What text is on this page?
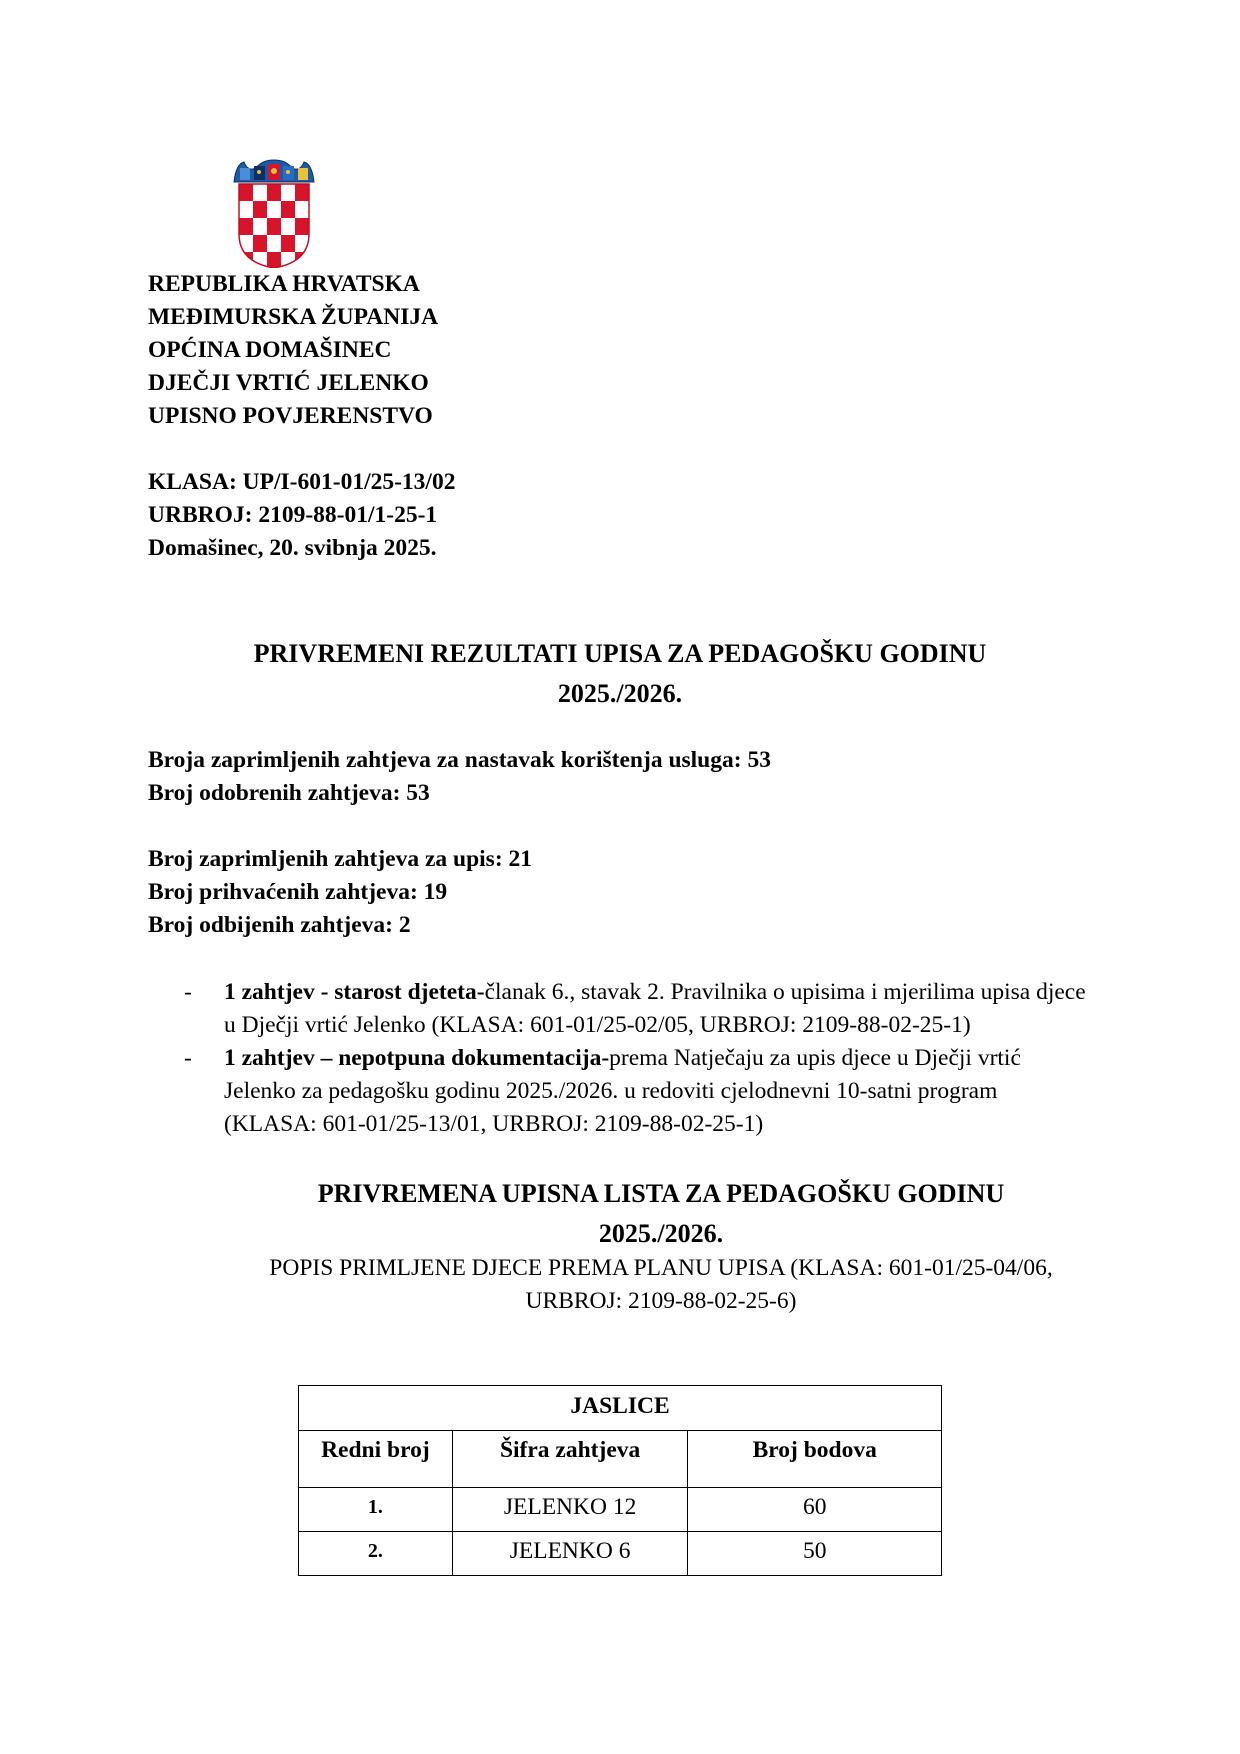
REPUBLIKA HRVATSKA
MEĐIMURSKA ŽUPANIJA
OPĆINA DOMAŠINEC
DJEČJI VRTIĆ JELENKO
UPISNO POVJERENSTVO
KLASA: UP/I-601-01/25-13/02
URBROJ: 2109-88-01/1-25-1
Domašinec, 20. svibnja 2025.
PRIVREMENI REZULTATI UPISA ZA PEDAGOŠKU GODINU
2025./2026.
Broja zaprimljenih zahtjeva za nastavak korištenja usluga: 53
Broj odobrenih zahtjeva: 53
Broj zaprimljenih zahtjeva za upis: 21
Broj prihvaćenih zahtjeva: 19
Broj odbijenih zahtjeva: 2
- 1 zahtjev - starost djeteta-članak 6., stavak 2. Pravilnika o upisima i mjerilima upisa djece u Dječji vrtić Jelenko (KLASA: 601-01/25-02/05, URBROJ: 2109-88-02-25-1)
- 1 zahtjev – nepotpuna dokumentacija-prema Natječaju za upis djece u Dječji vrtić Jelenko za pedagošku godinu 2025./2026. u redoviti cjelodnevni 10-satni program (KLASA: 601-01/25-13/01, URBROJ: 2109-88-02-25-1)
PRIVREMENA UPISNA LISTA ZA PEDAGOŠKU GODINU
2025./2026.
POPIS PRIMLJENE DJECE PREMA PLANU UPISA (KLASA: 601-01/25-04/06,
URBROJ: 2109-88-02-25-6)
JASLICE		
Redni broj	Šifra zahtjeva	Broj bodova
1.	JELENKO 12	60
2.	JELENKO 6	50
